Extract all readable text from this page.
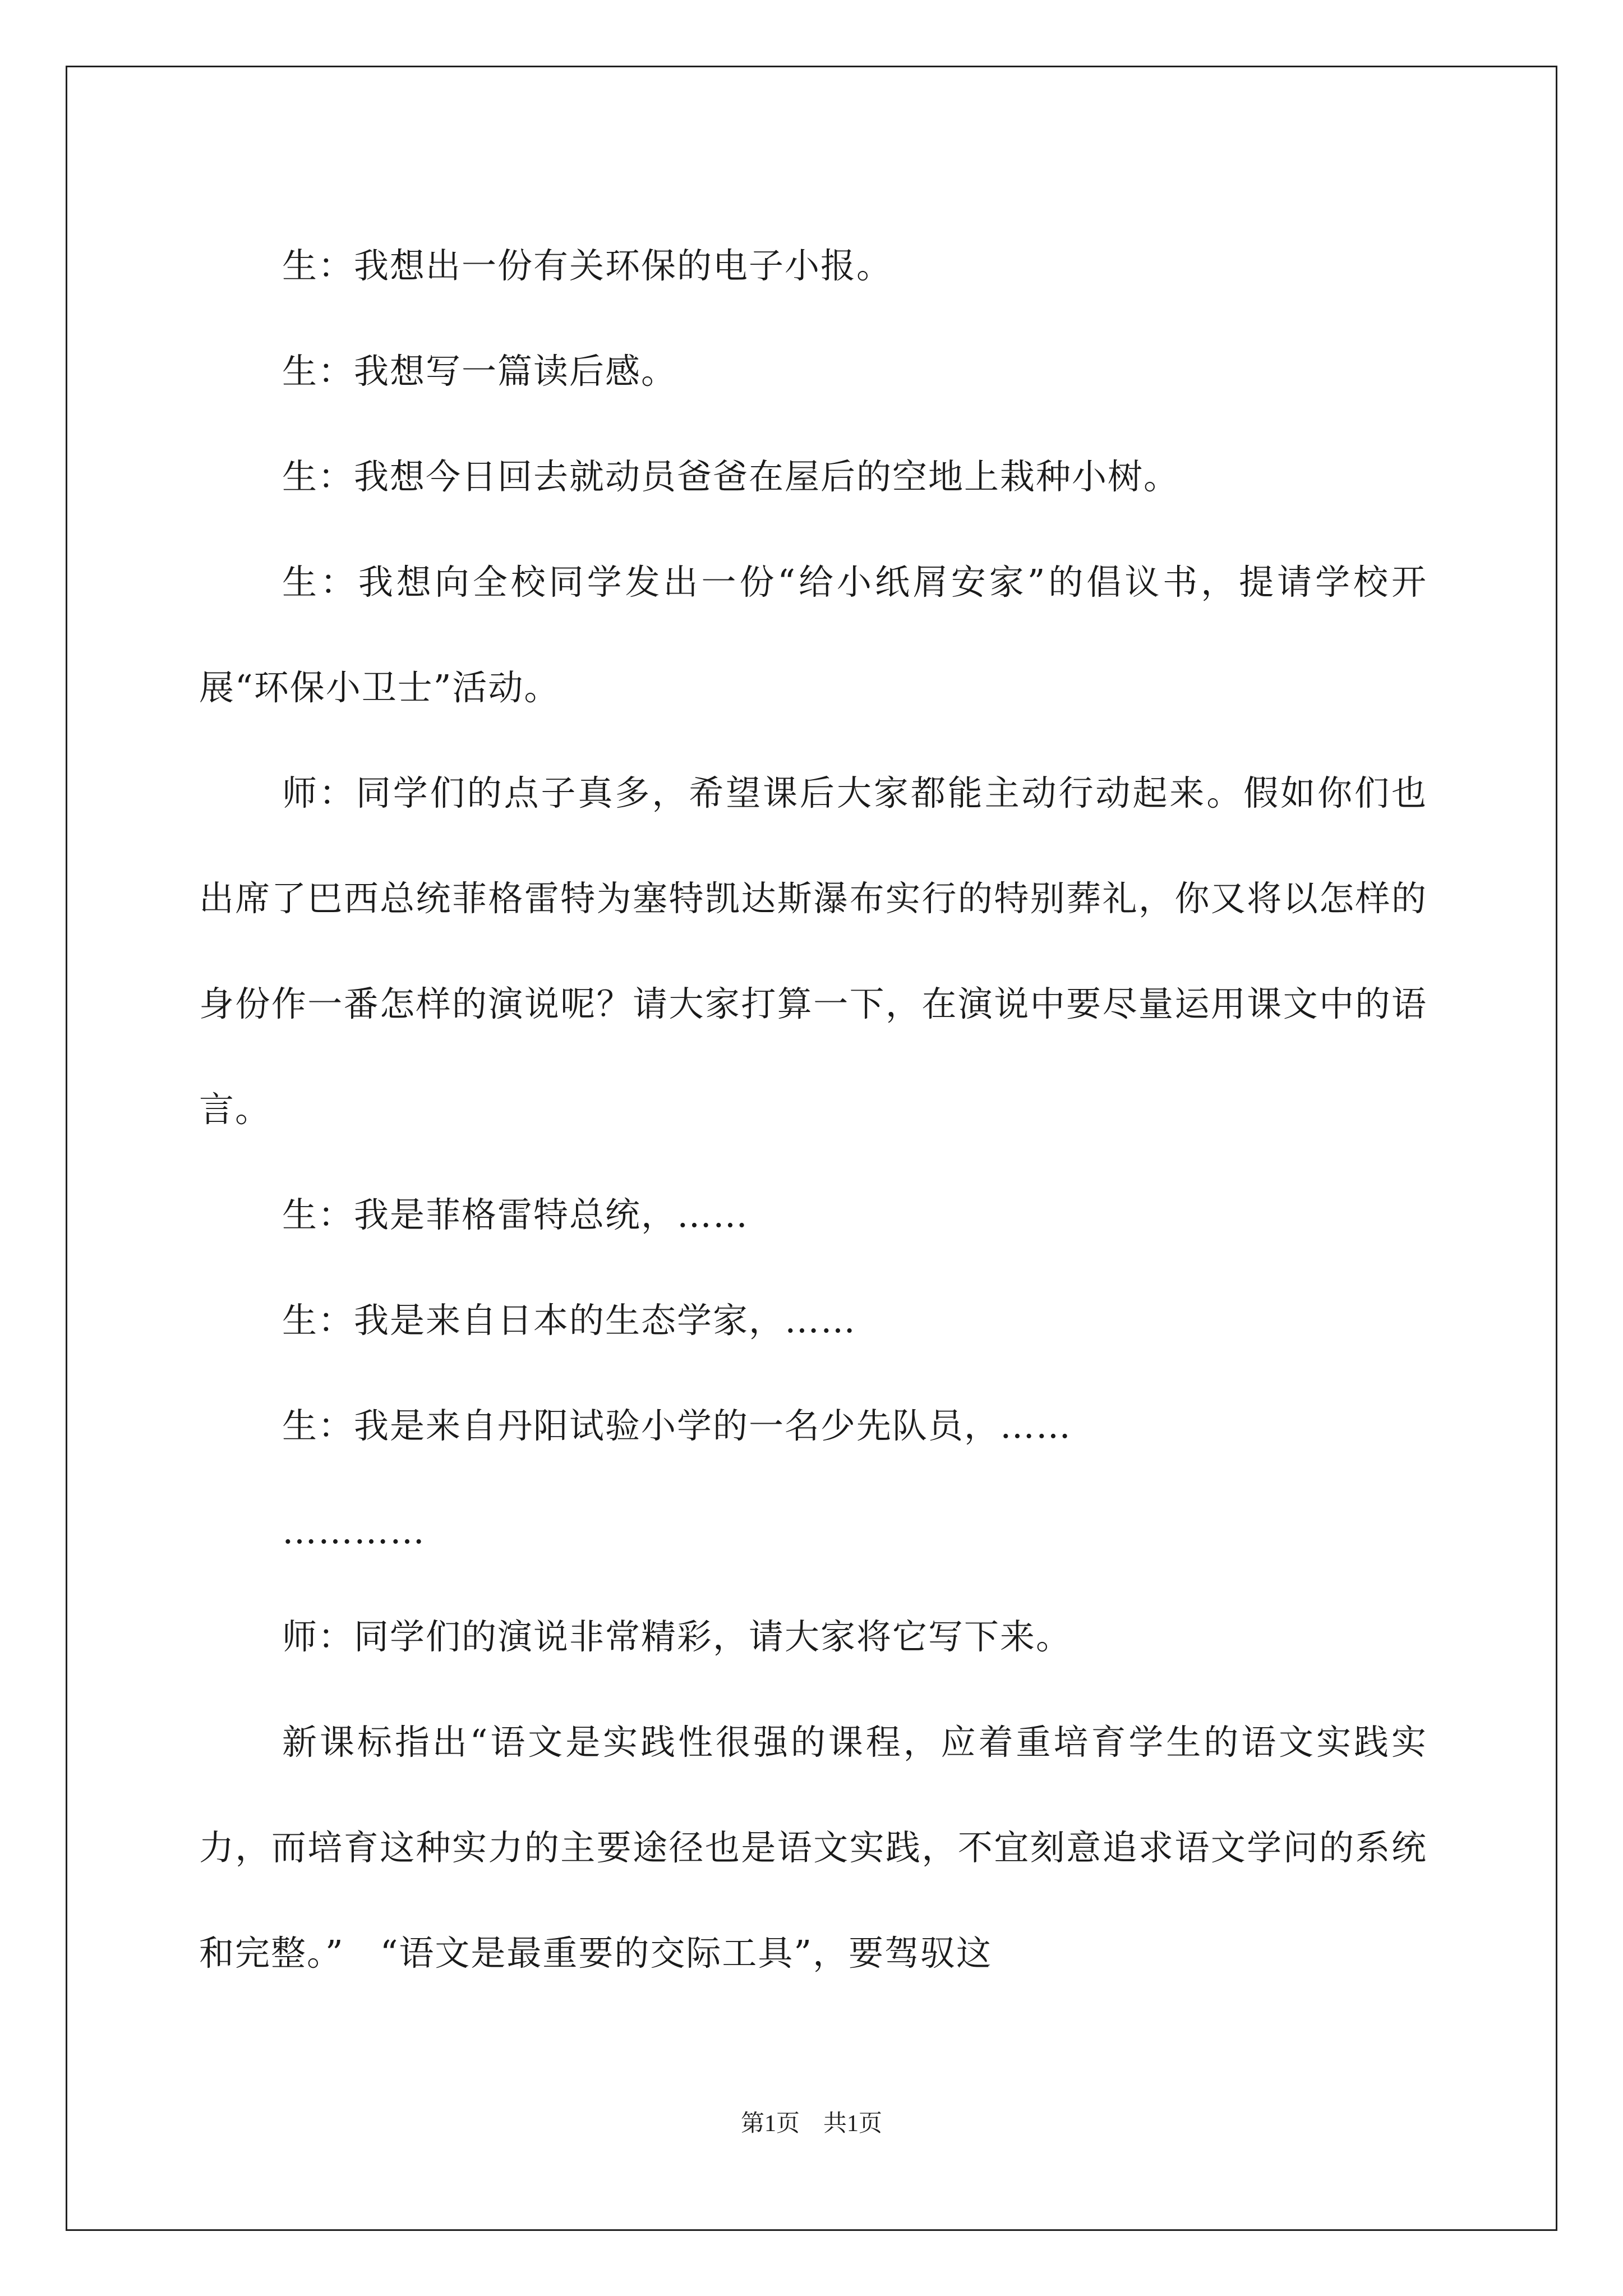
生：我想出一份有关环保的电子小报。

生：我想写一篇读后感。

生：我想今日回去就动员爸爸在屋后的空地上栽种小树。

生：我想向全校同学发出一份“给小纸屑安家”的倡议书，提请学校开展“环保小卫士”活动。

师：同学们的点子真多，希望课后大家都能主动行动起来。假如你们也出席了巴西总统菲格雷特为塞特凯达斯瀑布实行的特别葬礼，你又将以怎样的身份作一番怎样的演说呢？请大家打算一下，在演说中要尽量运用课文中的语言。

生：我是菲格雷特总统，……

生：我是来自日本的生态学家，……

生：我是来自丹阳试验小学的一名少先队员，……

…………

师：同学们的演说非常精彩，请大家将它写下来。

新课标指出“语文是实践性很强的课程，应着重培育学生的语文实践实力，而培育这种实力的主要途径也是语文实践，不宜刻意追求语文学问的系统和完整。”　“语文是最重要的交际工具”，要驾驭这

第1页　共1页
